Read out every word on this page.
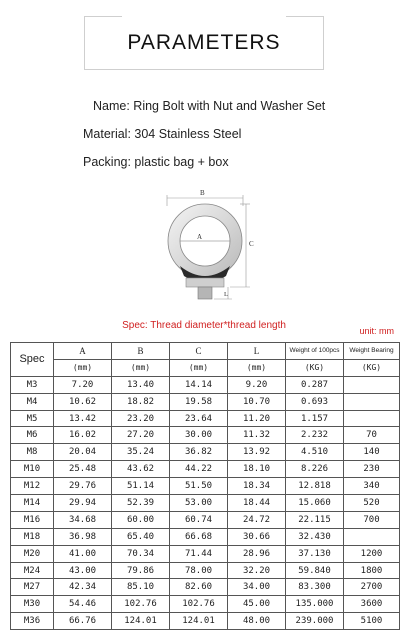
PARAMETERS
Name: Ring Bolt with Nut and Washer Set
Material: 304 Stainless Steel
Packing: plastic bag + box
B
A
C
L
Spec: Thread diameter*thread length	unit: mm
Spec	A	B	C	L	Weight of 100pcs	Weight Bearing
	(mm)	(mm)	(mm)	(mm)	(KG)	(KG)
M3	7.20	13.40	14.14	9.20	0.287	
M4	10.62	18.82	19.58	10.70	0.693	
M5	13.42	23.20	23.64	11.20	1.157	
M6	16.02	27.20	30.00	11.32	2.232	70
M8	20.04	35.24	36.82	13.92	4.510	140
M10	25.48	43.62	44.22	18.10	8.226	230
M12	29.76	51.14	51.50	18.34	12.818	340
M14	29.94	52.39	53.00	18.44	15.060	520
M16	34.68	60.00	60.74	24.72	22.115	700
M18	36.98	65.40	66.68	30.66	32.430	
M20	41.00	70.34	71.44	28.96	37.130	1200
M24	43.00	79.86	78.00	32.20	59.840	1800
M27	42.34	85.10	82.60	34.00	83.300	2700
M30	54.46	102.76	102.76	45.00	135.000	3600
M36	66.76	124.01	124.01	48.00	239.000	5100
